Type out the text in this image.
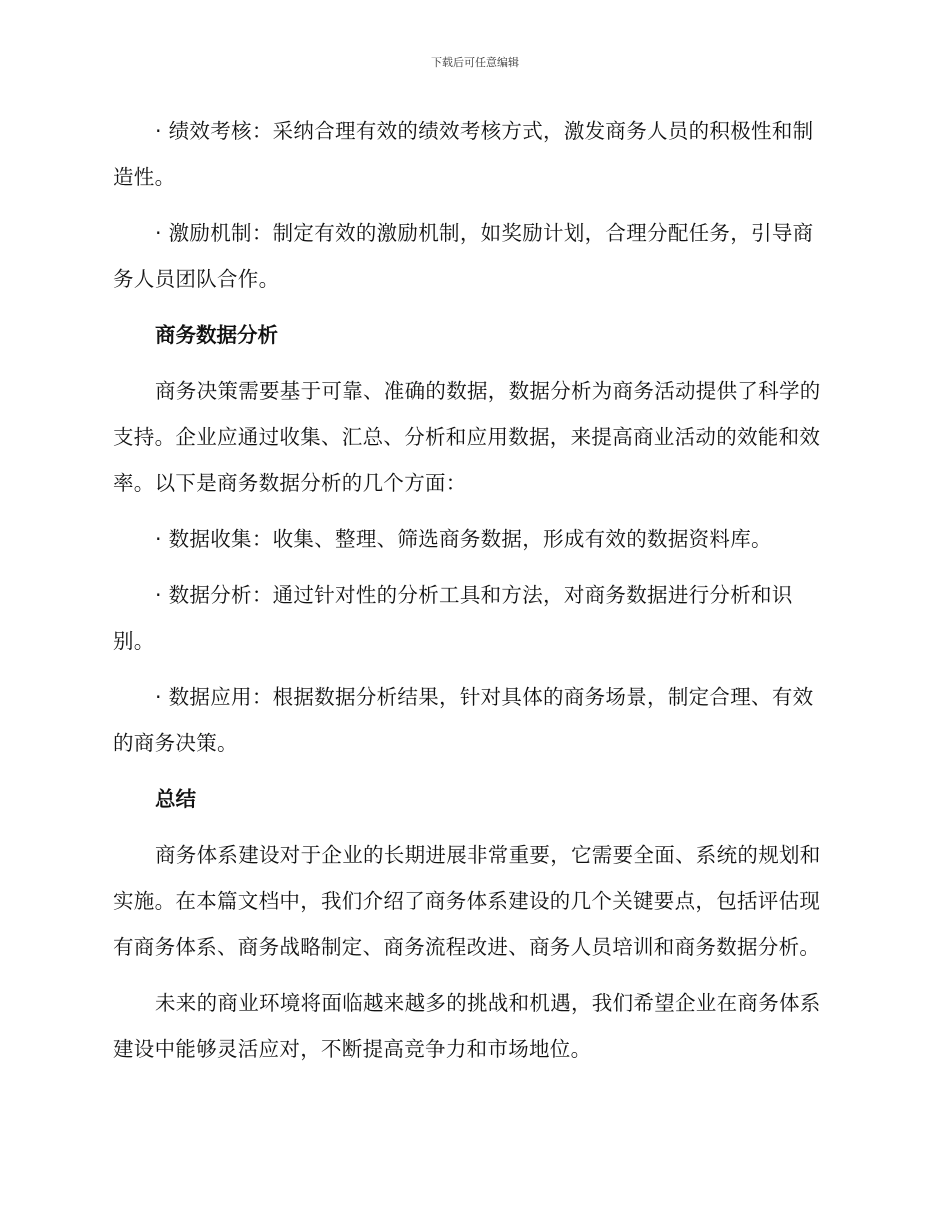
下载后可任意编辑

· 绩效考核：采纳合理有效的绩效考核方式，激发商务人员的积极性和制造性。

· 激励机制：制定有效的激励机制，如奖励计划，合理分配任务，引导商务人员团队合作。

商务数据分析

商务决策需要基于可靠、准确的数据，数据分析为商务活动提供了科学的支持。企业应通过收集、汇总、分析和应用数据，来提高商业活动的效能和效率。以下是商务数据分析的几个方面：

· 数据收集：收集、整理、筛选商务数据，形成有效的数据资料库。

· 数据分析：通过针对性的分析工具和方法，对商务数据进行分析和识别。

· 数据应用：根据数据分析结果，针对具体的商务场景，制定合理、有效的商务决策。

总结

商务体系建设对于企业的长期进展非常重要，它需要全面、系统的规划和实施。在本篇文档中，我们介绍了商务体系建设的几个关键要点，包括评估现有商务体系、商务战略制定、商务流程改进、商务人员培训和商务数据分析。

未来的商业环境将面临越来越多的挑战和机遇，我们希望企业在商务体系建设中能够灵活应对，不断提高竞争力和市场地位。
